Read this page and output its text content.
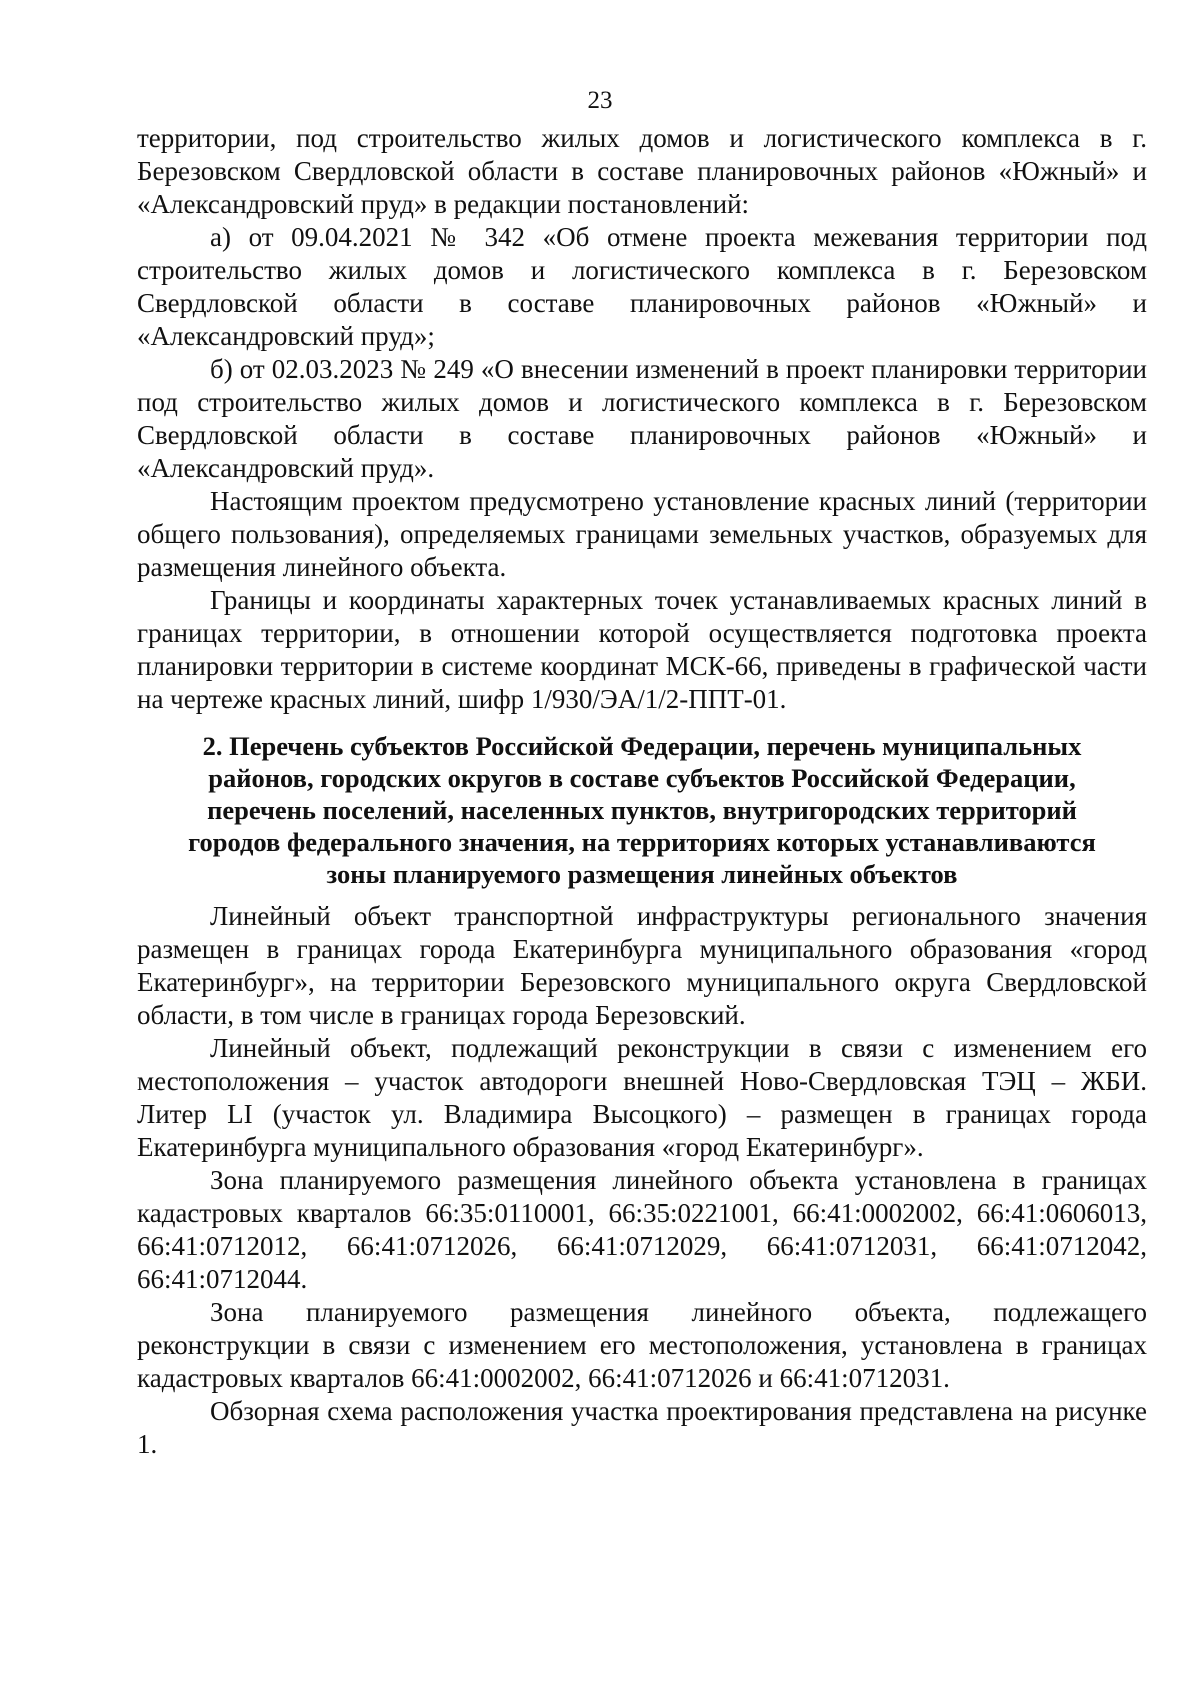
23

территории, под строительство жилых домов и логистического комплекса в г. Березовском Свердловской области в составе планировочных районов «Южный» и «Александровский пруд» в редакции постановлений:

а) от 09.04.2021 № 342 «Об отмене проекта межевания территории под строительство жилых домов и логистического комплекса в г. Березовском Свердловской области в составе планировочных районов «Южный» и «Александровский пруд»;

б) от 02.03.2023 № 249 «О внесении изменений в проект планировки территории под строительство жилых домов и логистического комплекса в г. Березовском Свердловской области в составе планировочных районов «Южный» и «Александровский пруд».

Настоящим проектом предусмотрено установление красных линий (территории общего пользования), определяемых границами земельных участков, образуемых для размещения линейного объекта.

Границы и координаты характерных точек устанавливаемых красных линий в границах территории, в отношении которой осуществляется подготовка проекта планировки территории в системе координат МСК-66, приведены в графической части на чертеже красных линий, шифр 1/930/ЭА/1/2-ППТ-01.

2. Перечень субъектов Российской Федерации, перечень муниципальных
районов, городских округов в составе субъектов Российской Федерации,
перечень поселений, населенных пунктов, внутригородских территорий
городов федерального значения, на территориях которых устанавливаются
зоны планируемого размещения линейных объектов

Линейный объект транспортной инфраструктуры регионального значения размещен в границах города Екатеринбурга муниципального образования «город Екатеринбург», на территории Березовского муниципального округа Свердловской области, в том числе в границах города Березовский.

Линейный объект, подлежащий реконструкции в связи с изменением его местоположения – участок автодороги внешней Ново-Свердловская ТЭЦ – ЖБИ. Литер LI (участок ул. Владимира Высоцкого) – размещен в границах города Екатеринбурга муниципального образования «город Екатеринбург».

Зона планируемого размещения линейного объекта установлена в границах кадастровых кварталов 66:35:0110001, 66:35:0221001, 66:41:0002002, 66:41:0606013, 66:41:0712012, 66:41:0712026, 66:41:0712029, 66:41:0712031, 66:41:0712042, 66:41:0712044.

Зона планируемого размещения линейного объекта, подлежащего реконструкции в связи с изменением его местоположения, установлена в границах кадастровых кварталов 66:41:0002002, 66:41:0712026 и 66:41:0712031.

Обзорная схема расположения участка проектирования представлена на рисунке 1.
